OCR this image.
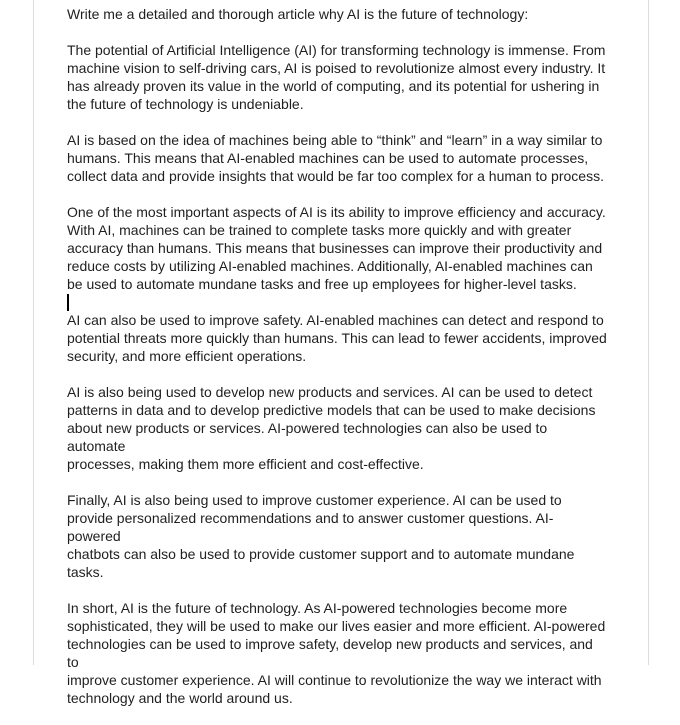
Write me a detailed and thorough article why AI is the future of technology:

The potential of Artificial Intelligence (AI) for transforming technology is immense. From
machine vision to self-driving cars, AI is poised to revolutionize almost every industry. It
has already proven its value in the world of computing, and its potential for ushering in
the future of technology is undeniable.

AI is based on the idea of machines being able to “think” and “learn” in a way similar to
humans. This means that AI-enabled machines can be used to automate processes,
collect data and provide insights that would be far too complex for a human to process.

One of the most important aspects of AI is its ability to improve efficiency and accuracy.
With AI, machines can be trained to complete tasks more quickly and with greater
accuracy than humans. This means that businesses can improve their productivity and
reduce costs by utilizing AI-enabled machines. Additionally, AI-enabled machines can
be used to automate mundane tasks and free up employees for higher-level tasks.

AI can also be used to improve safety. AI-enabled machines can detect and respond to
potential threats more quickly than humans. This can lead to fewer accidents, improved
security, and more efficient operations.

AI is also being used to develop new products and services. AI can be used to detect
patterns in data and to develop predictive models that can be used to make decisions
about new products or services. AI-powered technologies can also be used to automate
processes, making them more efficient and cost-effective.

Finally, AI is also being used to improve customer experience. AI can be used to
provide personalized recommendations and to answer customer questions. AI-powered
chatbots can also be used to provide customer support and to automate mundane
tasks.

In short, AI is the future of technology. As AI-powered technologies become more
sophisticated, they will be used to make our lives easier and more efficient. AI-powered
technologies can be used to improve safety, develop new products and services, and to
improve customer experience. AI will continue to revolutionize the way we interact with
technology and the world around us.
